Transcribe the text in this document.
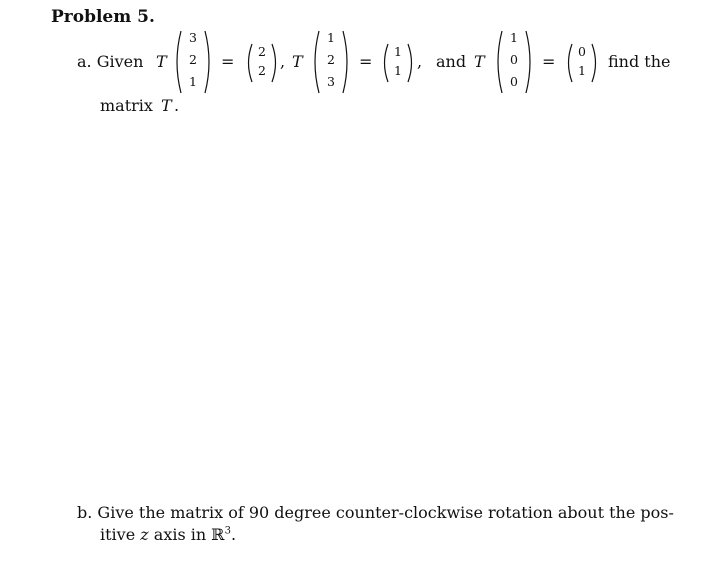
Problem 5.
a. Given T
3
2
1
=
2
2 , T
1
2
3
=
1
1 , and T
1
0
0
=
0
1 find the
matrix T .
b. Give the matrix of 90 degree counter-clockwise rotation about the pos-
itive z axis in ℝ$^3$.
